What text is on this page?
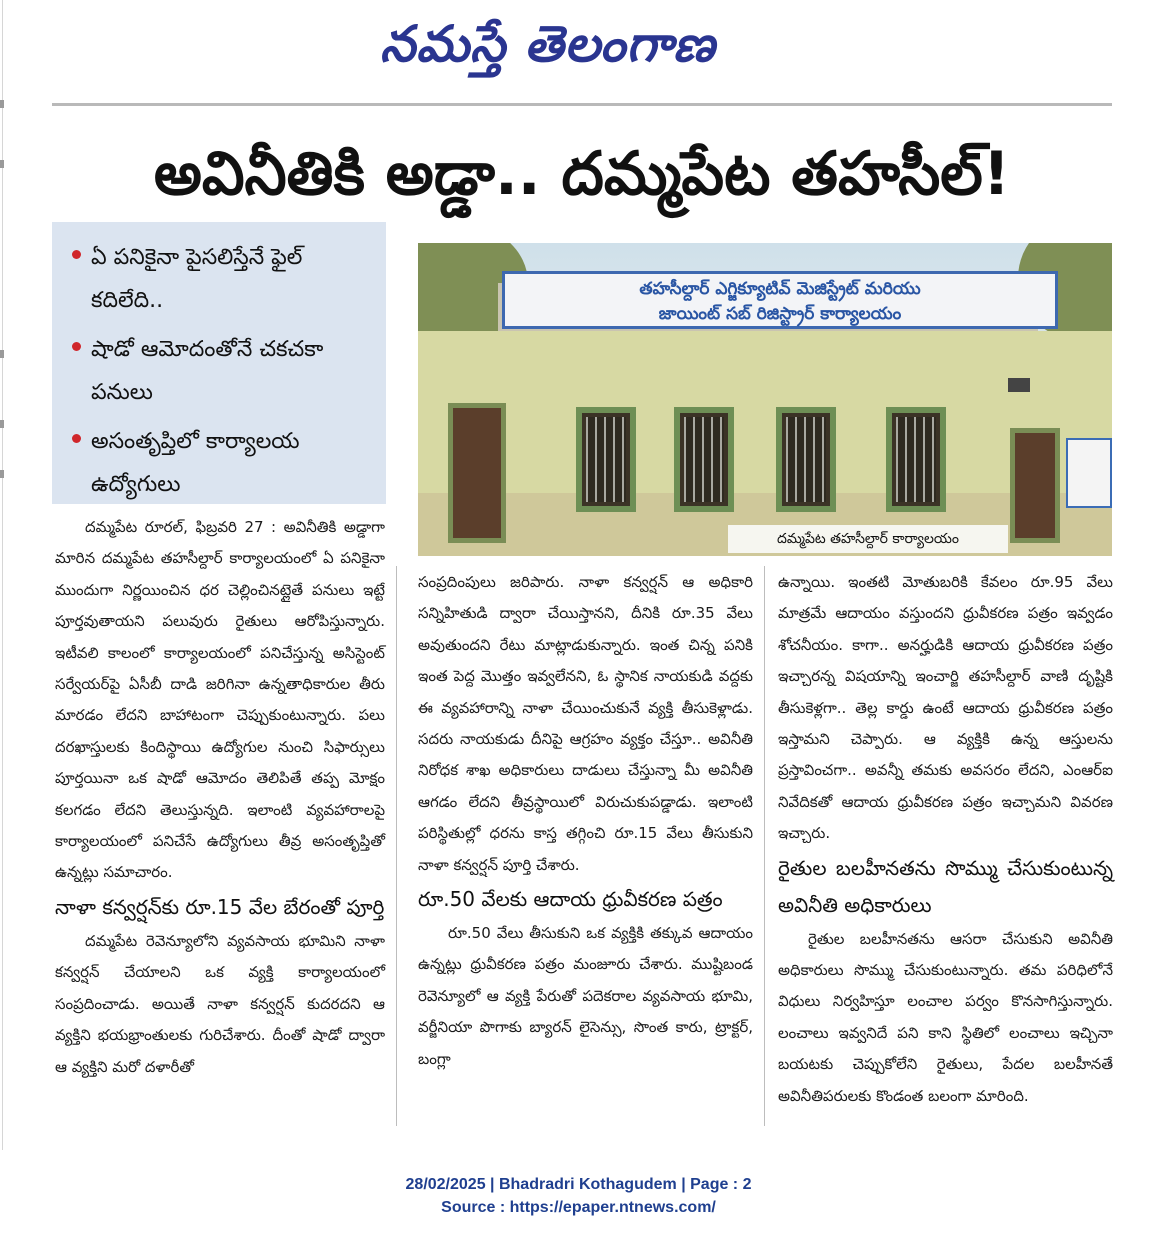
నమస్తే తెలంగాణ
అవినీతికి అడ్డా.. దమ్మపేట తహసీల్!
ఏ పనికైనా పైసలిస్తేనే ఫైల్ కదిలేది..
షాడో ఆమోదంతోనే చకచకా పనులు
అసంతృప్తిలో కార్యాలయ ఉద్యోగులు
తహసీల్దార్ ఎగ్జిక్యూటివ్ మెజిస్ట్రేట్ మరియు
జాయింట్ సబ్ రిజిస్ట్రార్ కార్యాలయం
దమ్మపేట తహసీల్దార్ కార్యాలయం

దమ్మపేట రూరల్, ఫిబ్రవరి 27 : అవినీతికి అడ్డాగా మారిన దమ్మపేట తహసీల్దార్ కార్యాలయంలో ఏ పనికైనా ముందుగా నిర్ణయించిన ధర చెల్లించినట్లైతే పనులు ఇట్టే పూర్తవుతాయని పలువురు రైతులు ఆరోపిస్తున్నారు. ఇటీవలి కాలంలో కార్యాలయంలో పనిచేస్తున్న అసిస్టెంట్ సర్వేయర్‌పై ఏసీబీ దాడి జరిగినా ఉన్నతాధికారుల తీరు మారడం లేదని బాహాటంగా చెప్పుకుంటున్నారు. పలు దరఖాస్తులకు కిందిస్థాయి ఉద్యోగుల నుంచి సిఫార్సులు పూర్తయినా ఒక షాడో ఆమోదం తెలిపితే తప్ప మోక్షం కలగడం లేదని తెలుస్తున్నది. ఇలాంటి వ్యవహారాలపై కార్యాలయంలో పనిచేసే ఉద్యోగులు తీవ్ర అసంతృప్తితో ఉన్నట్లు సమాచారం.

నాళా కన్వర్షన్‌కు రూ.15 వేల బేరంతో పూర్తి

దమ్మపేట రెవెన్యూలోని వ్యవసాయ భూమిని నాళా కన్వర్షన్ చేయాలని ఒక వ్యక్తి కార్యాలయంలో సంప్రదించాడు. అయితే నాళా కన్వర్షన్ కుదరదని ఆ వ్యక్తిని భయభ్రాంతులకు గురిచేశారు. దీంతో షాడో ద్వారా ఆ వ్యక్తిని మరో దళారీతో

సంప్రదింపులు జరిపారు. నాళా కన్వర్షన్ ఆ అధికారి సన్నిహితుడి ద్వారా చేయిస్తానని, దీనికి రూ.35 వేలు అవుతుందని రేటు మాట్లాడుకున్నారు. ఇంత చిన్న పనికి ఇంత పెద్ద మొత్తం ఇవ్వలేనని, ఓ స్థానిక నాయకుడి వద్దకు ఈ వ్యవహారాన్ని నాళా చేయించుకునే వ్యక్తి తీసుకెళ్లాడు. సదరు నాయకుడు దీనిపై ఆగ్రహం వ్యక్తం చేస్తూ.. అవినీతి నిరోధక శాఖ అధికారులు దాడులు చేస్తున్నా మీ అవినీతి ఆగడం లేదని తీవ్రస్థాయిలో విరుచుకుపడ్డాడు. ఇలాంటి పరిస్థితుల్లో ధరను కాస్త తగ్గించి రూ.15 వేలు తీసుకుని నాళా కన్వర్షన్ పూర్తి చేశారు.

రూ.50 వేలకు ఆదాయ ధ్రువీకరణ పత్రం

రూ.50 వేలు తీసుకుని ఒక వ్యక్తికి తక్కువ ఆదాయం ఉన్నట్లు ధ్రువీకరణ పత్రం మంజూరు చేశారు. ముష్టిబండ రెవెన్యూలో ఆ వ్యక్తి పేరుతో పదెకరాల వ్యవసాయ భూమి, వర్జీనియా పొగాకు బ్యారన్ లైసెన్సు, సొంత కారు, ట్రాక్టర్, బంగ్లా

ఉన్నాయి. ఇంతటి మోతుబరికి కేవలం రూ.95 వేలు మాత్రమే ఆదాయం వస్తుందని ధ్రువీకరణ పత్రం ఇవ్వడం శోచనీయం. కాగా.. అనర్హుడికి ఆదాయ ధ్రువీకరణ పత్రం ఇచ్చారన్న విషయాన్ని ఇంచార్జి తహసీల్దార్ వాణి దృష్టికి తీసుకెళ్లగా.. తెల్ల కార్డు ఉంటే ఆదాయ ధ్రువీకరణ పత్రం ఇస్తామని చెప్పారు. ఆ వ్యక్తికి ఉన్న ఆస్తులను ప్రస్తావించగా.. అవన్నీ తమకు అవసరం లేదని, ఎంఆర్ఐ నివేదికతో ఆదాయ ధ్రువీకరణ పత్రం ఇచ్చామని వివరణ ఇచ్చారు.

రైతుల బలహీనతను సొమ్ము చేసుకుంటున్న అవినీతి అధికారులు

రైతుల బలహీనతను ఆసరా చేసుకుని అవినీతి అధికారులు సొమ్ము చేసుకుంటున్నారు. తమ పరిధిలోనే విధులు నిర్వహిస్తూ లంచాల పర్వం కొనసాగిస్తున్నారు. లంచాలు ఇవ్వనిదే పని కాని స్థితిలో లంచాలు ఇచ్చినా బయటకు చెప్పుకోలేని రైతులు, పేదల బలహీనతే అవినీతిపరులకు కొండంత బలంగా మారింది.

28/02/2025 | Bhadradri Kothagudem | Page : 2
Source : https://epaper.ntnews.com/
